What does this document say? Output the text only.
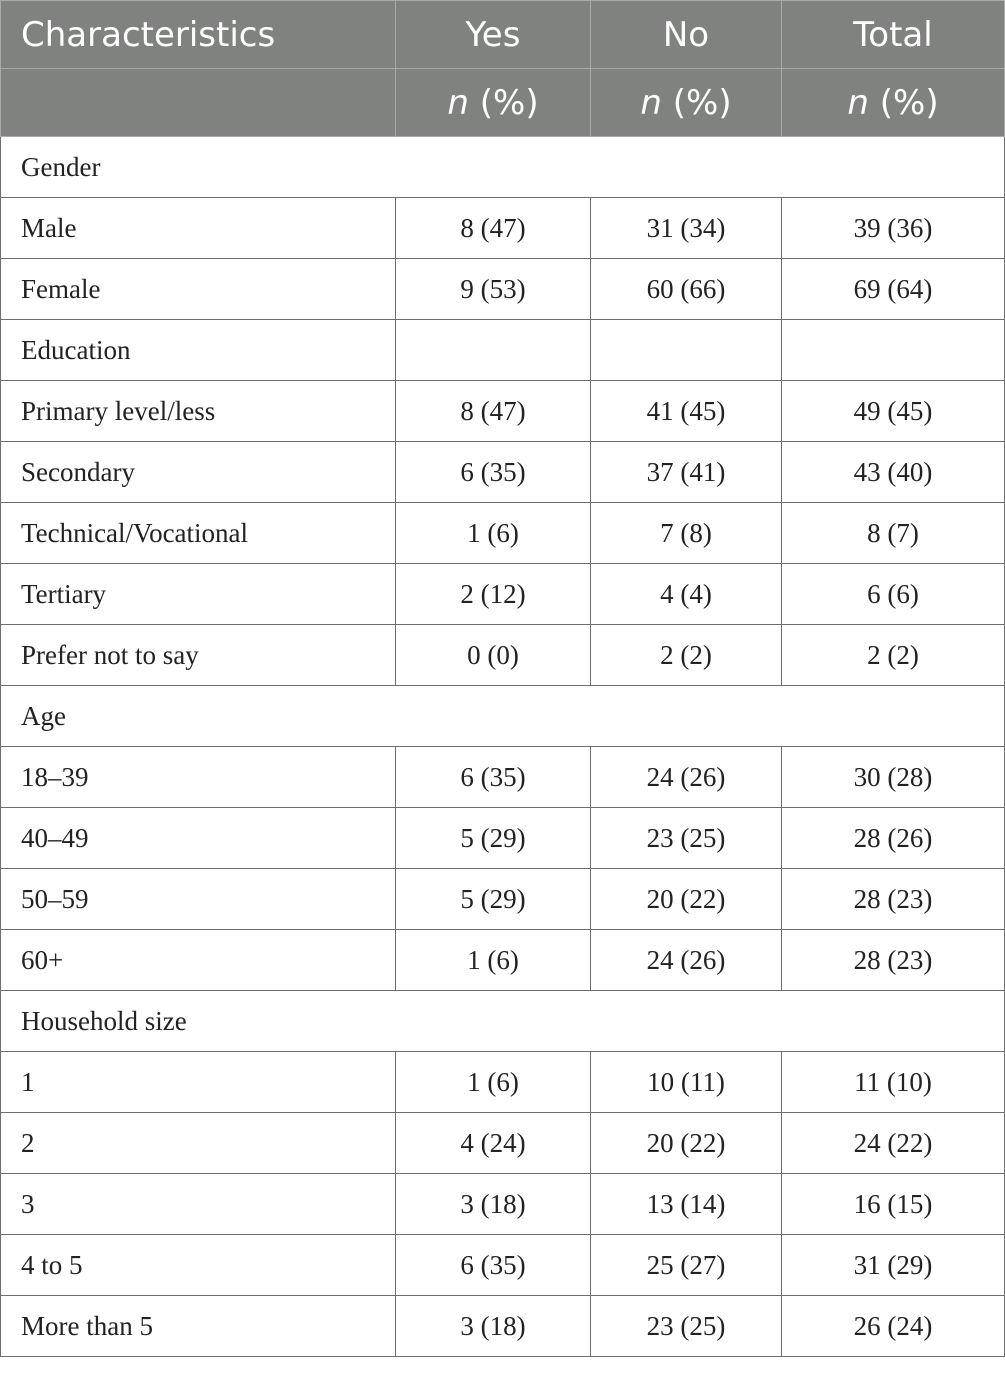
Characteristics	Yes	No	Total
	n (%)	n (%)	n (%)
Gender			
Male	8 (47)	31 (34)	39 (36)
Female	9 (53)	60 (66)	69 (64)
Education			
Primary level/less	8 (47)	41 (45)	49 (45)
Secondary	6 (35)	37 (41)	43 (40)
Technical/Vocational	1 (6)	7 (8)	8 (7)
Tertiary	2 (12)	4 (4)	6 (6)
Prefer not to say	0 (0)	2 (2)	2 (2)
Age			
18–39	6 (35)	24 (26)	30 (28)
40–49	5 (29)	23 (25)	28 (26)
50–59	5 (29)	20 (22)	28 (23)
60+	1 (6)	24 (26)	28 (23)
Household size			
1	1 (6)	10 (11)	11 (10)
2	4 (24)	20 (22)	24 (22)
3	3 (18)	13 (14)	16 (15)
4 to 5	6 (35)	25 (27)	31 (29)
More than 5	3 (18)	23 (25)	26 (24)
